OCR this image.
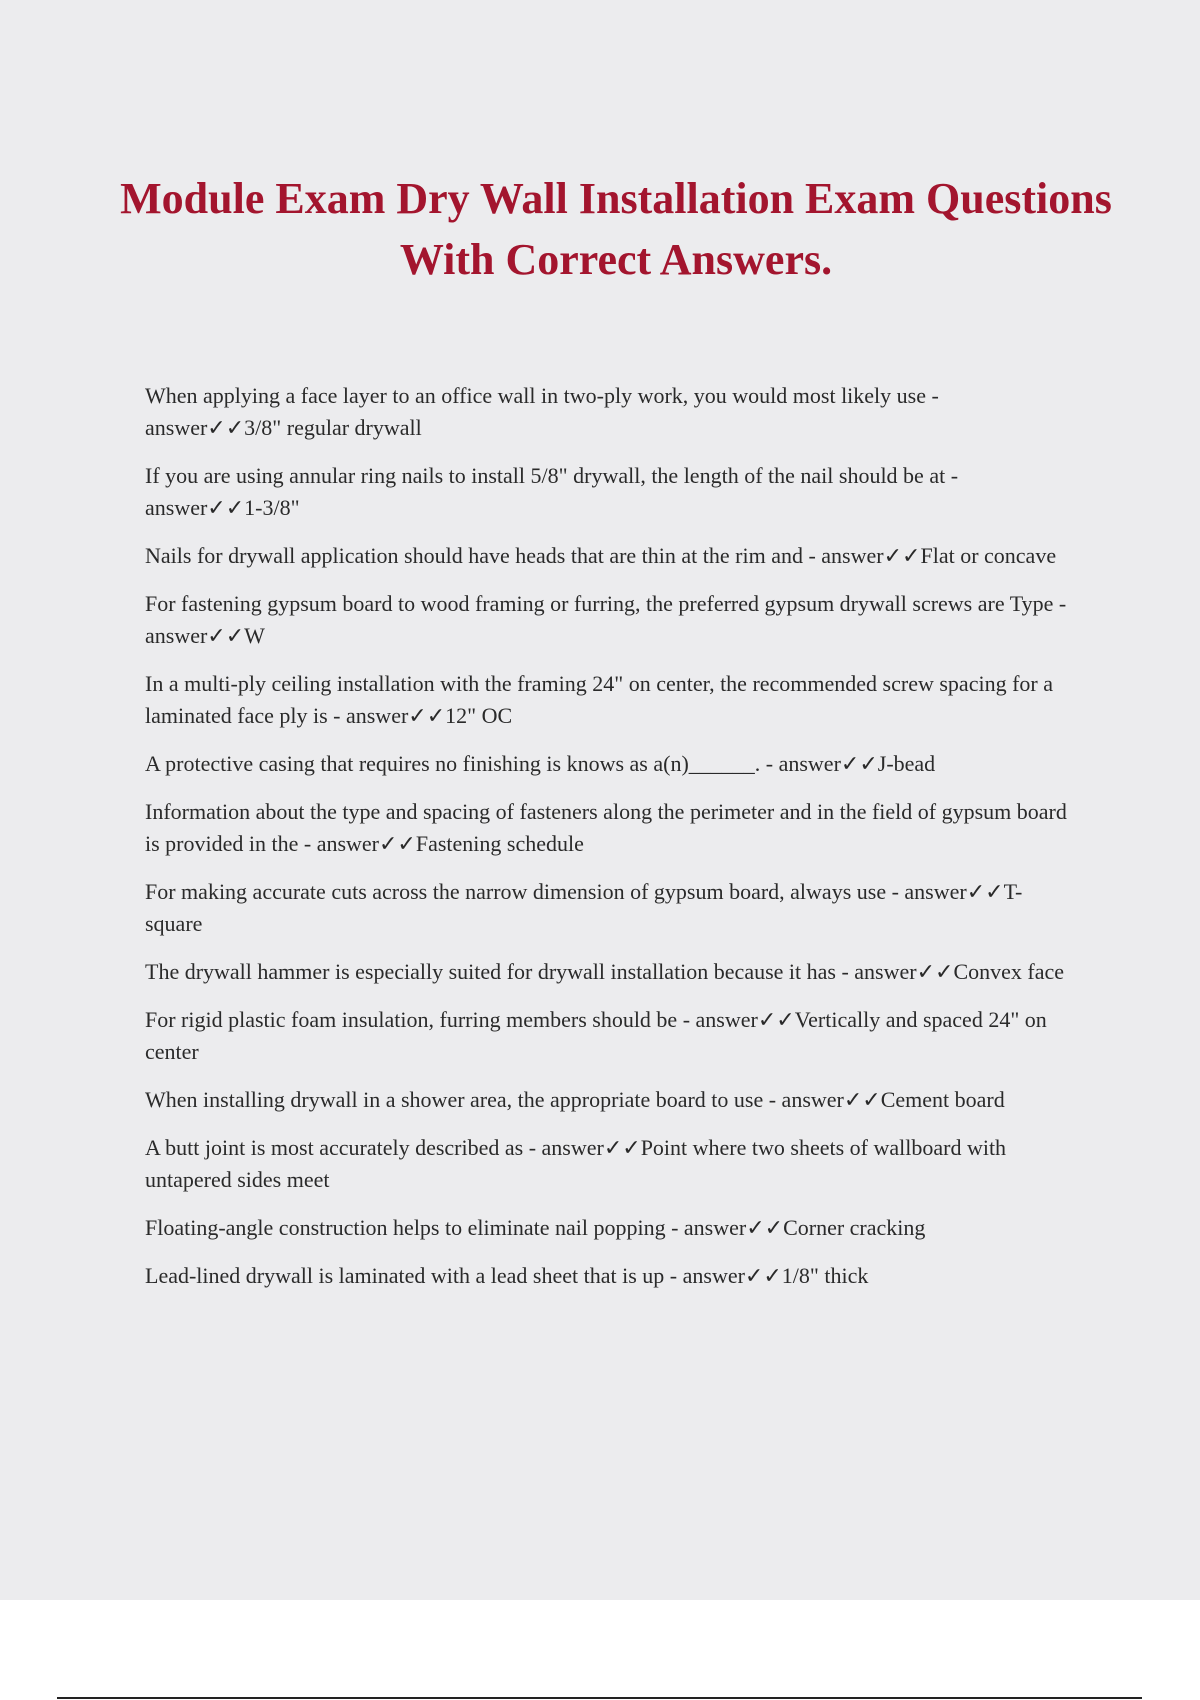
Module Exam Dry Wall Installation Exam Questions With Correct Answers.
When applying a face layer to an office wall in two-ply work, you would most likely use - answer✓✓3/8" regular drywall
If you are using annular ring nails to install 5/8" drywall, the length of the nail should be at - answer✓✓1-3/8"
Nails for drywall application should have heads that are thin at the rim and - answer✓✓Flat or concave
For fastening gypsum board to wood framing or furring, the preferred gypsum drywall screws are Type - answer✓✓W
In a multi-ply ceiling installation with the framing 24" on center, the recommended screw spacing for a laminated face ply is - answer✓✓12" OC
A protective casing that requires no finishing is knows as a(n)______. - answer✓✓J-bead
Information about the type and spacing of fasteners along the perimeter and in the field of gypsum board is provided in the - answer✓✓Fastening schedule
For making accurate cuts across the narrow dimension of gypsum board, always use - answer✓✓T-square
The drywall hammer is especially suited for drywall installation because it has - answer✓✓Convex face
For rigid plastic foam insulation, furring members should be - answer✓✓Vertically and spaced 24" on center
When installing drywall in a shower area, the appropriate board to use - answer✓✓Cement board
A butt joint is most accurately described as - answer✓✓Point where two sheets of wallboard with untapered sides meet
Floating-angle construction helps to eliminate nail popping - answer✓✓Corner cracking
Lead-lined drywall is laminated with a lead sheet that is up - answer✓✓1/8" thick
